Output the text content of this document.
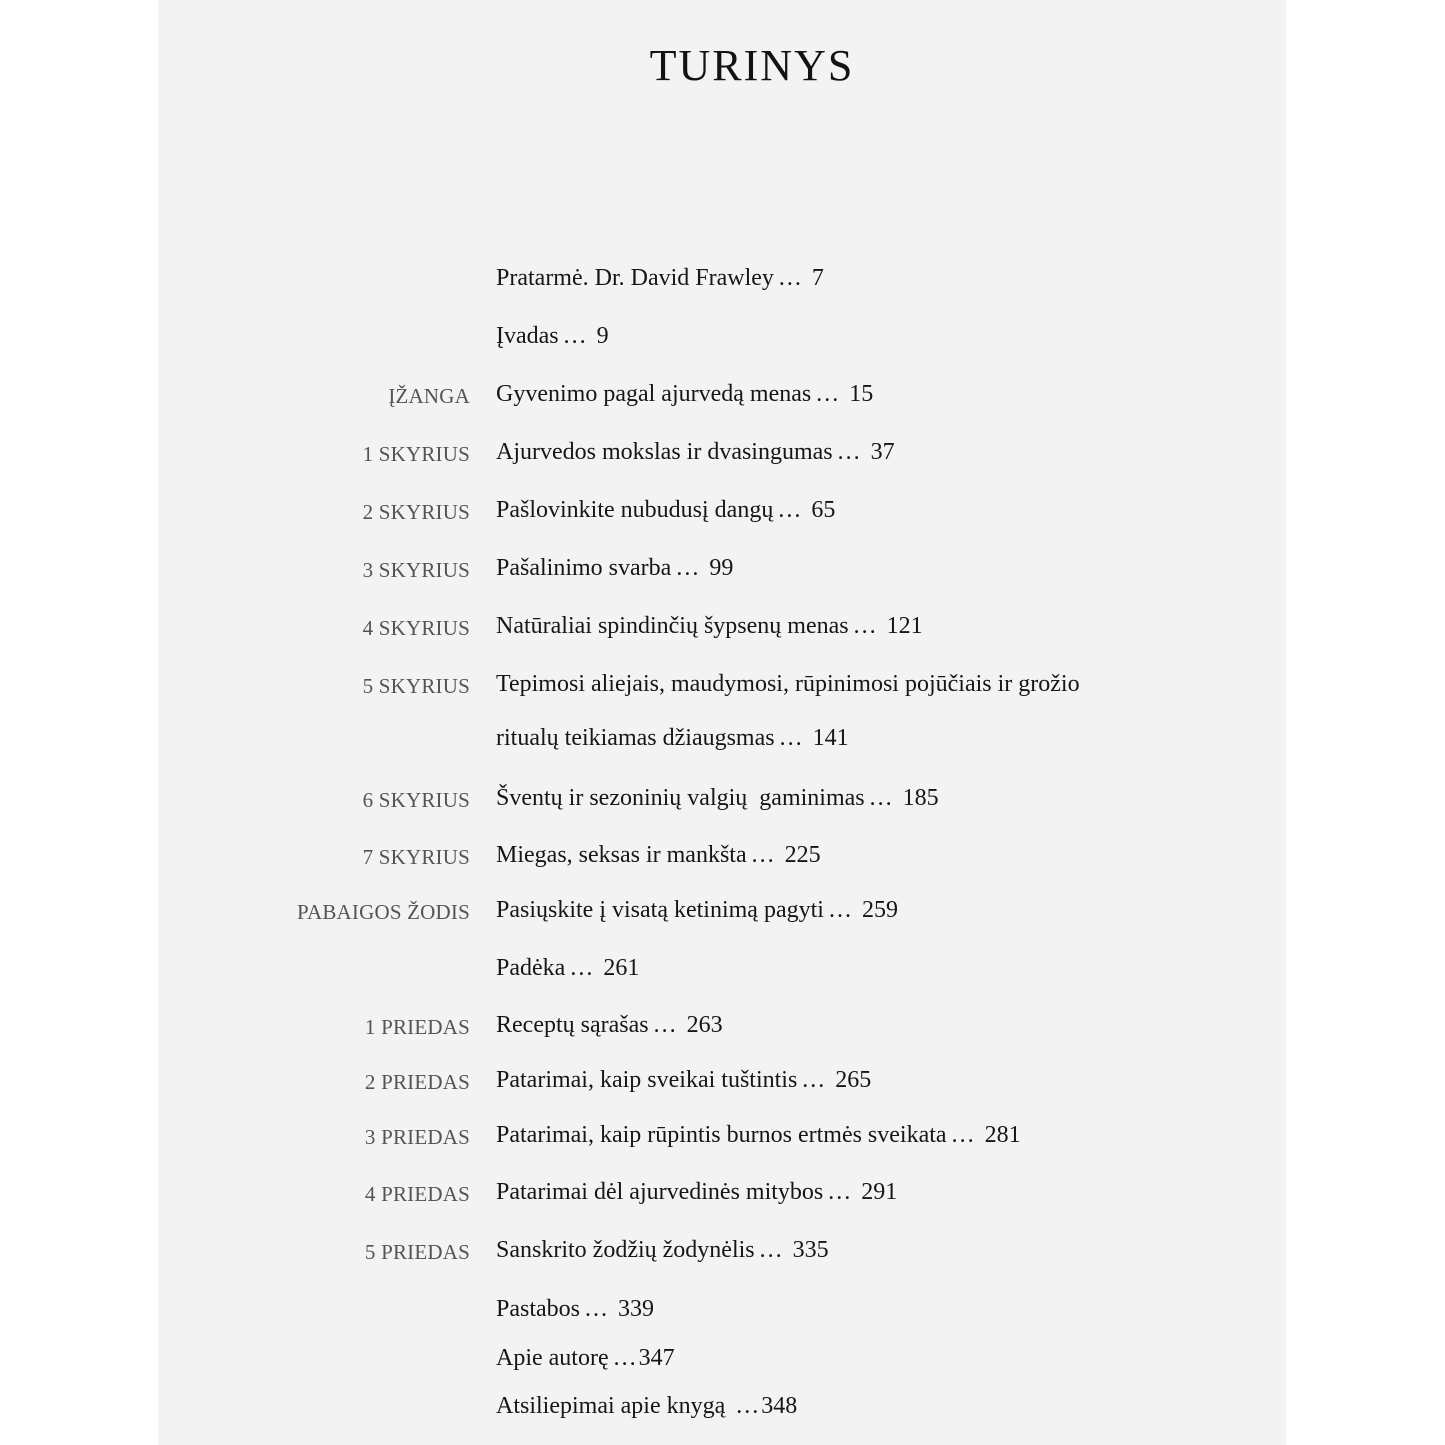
TURINYS
Pratarmė. Dr. David Frawley … 7
Įvadas … 9
ĮŽANGA Gyvenimo pagal ajurvedą menas … 15
1 SKYRIUS Ajurvedos mokslas ir dvasingumas … 37
2 SKYRIUS Pašlovinkite nubudusį dangų … 65
3 SKYRIUS Pašalinimo svarba … 99
4 SKYRIUS Natūraliai spindinčių šypsenų menas … 121
5 SKYRIUS Tepimosi aliejais, maudymosi, rūpinimosi pojūčiais ir grožio
ritualų teikiamas džiaugsmas … 141
6 SKYRIUS Šventų ir sezoninių valgių  gaminimas … 185
7 SKYRIUS Miegas, seksas ir mankšta … 225
PABAIGOS ŽODIS Pasiųskite į visatą ketinimą pagyti … 259
Padėka … 261
1 PRIEDAS Receptų sąrašas … 263
2 PRIEDAS Patarimai, kaip sveikai tuštintis … 265
3 PRIEDAS Patarimai, kaip rūpintis burnos ertmės sveikata … 281
4 PRIEDAS Patarimai dėl ajurvedinės mitybos … 291
5 PRIEDAS Sanskrito žodžių žodynėlis … 335
Pastabos … 339
Apie autorę …347
Atsiliepimai apie knygą …348
